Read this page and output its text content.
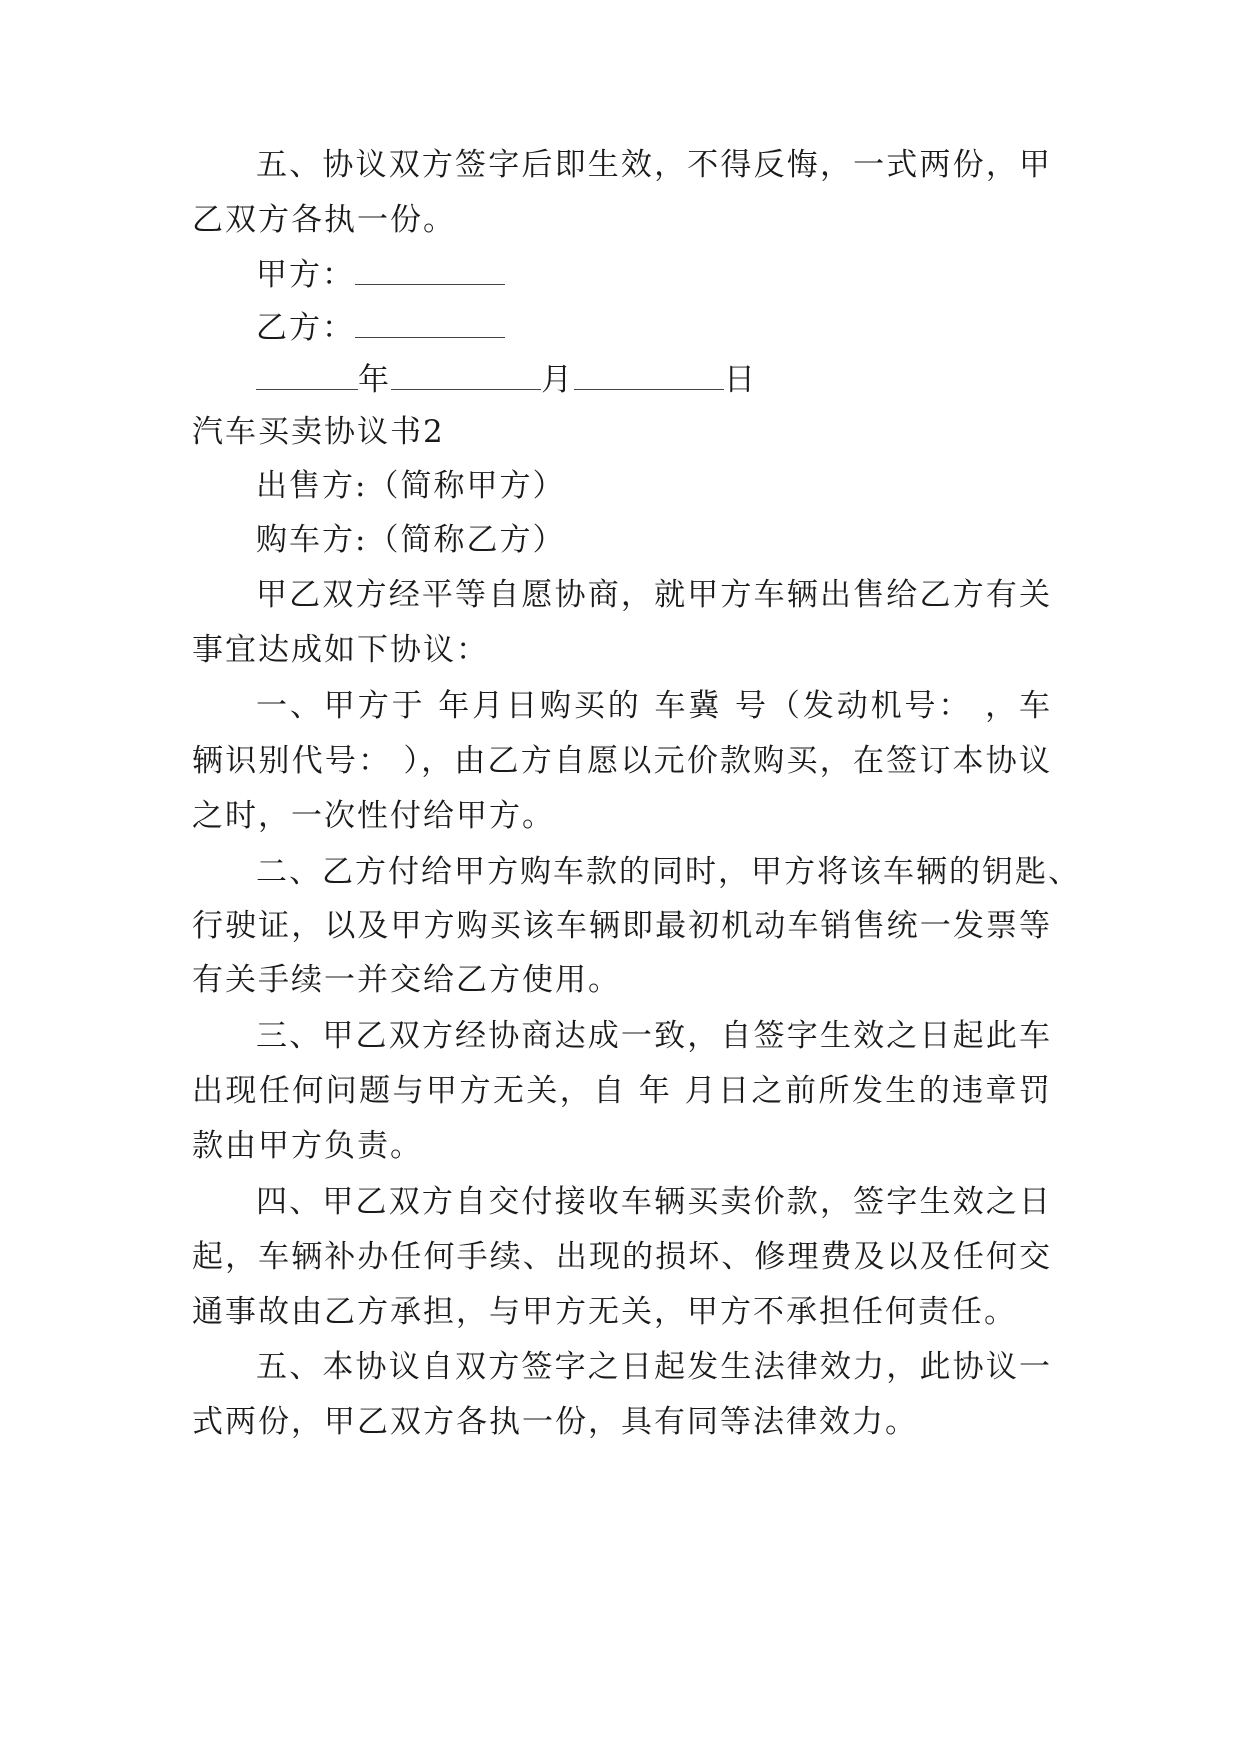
五、协议双方签字后即生效，不得反悔，一式两份，甲
乙双方各执一份。
甲方：
乙方：
年	月	日
汽车买卖协议书2
出售方:（简称甲方）
购车方:（简称乙方）
甲乙双方经平等自愿协商，就甲方车辆出售给乙方有关
事宜达成如下协议：
一、甲方于 年月日购买的 车冀 号（发动机号： ，车
辆识别代号： ），由乙方自愿以元价款购买，在签订本协议
之时，一次性付给甲方。
二、乙方付给甲方购车款的同时，甲方将该车辆的钥匙、
行驶证，以及甲方购买该车辆即最初机动车销售统一发票等
有关手续一并交给乙方使用。
三、甲乙双方经协商达成一致，自签字生效之日起此车
出现任何问题与甲方无关，自 年 月日之前所发生的违章罚
款由甲方负责。
四、甲乙双方自交付接收车辆买卖价款，签字生效之日
起，车辆补办任何手续、出现的损坏、修理费及以及任何交
通事故由乙方承担，与甲方无关，甲方不承担任何责任。
五、本协议自双方签字之日起发生法律效力，此协议一
式两份，甲乙双方各执一份，具有同等法律效力。
